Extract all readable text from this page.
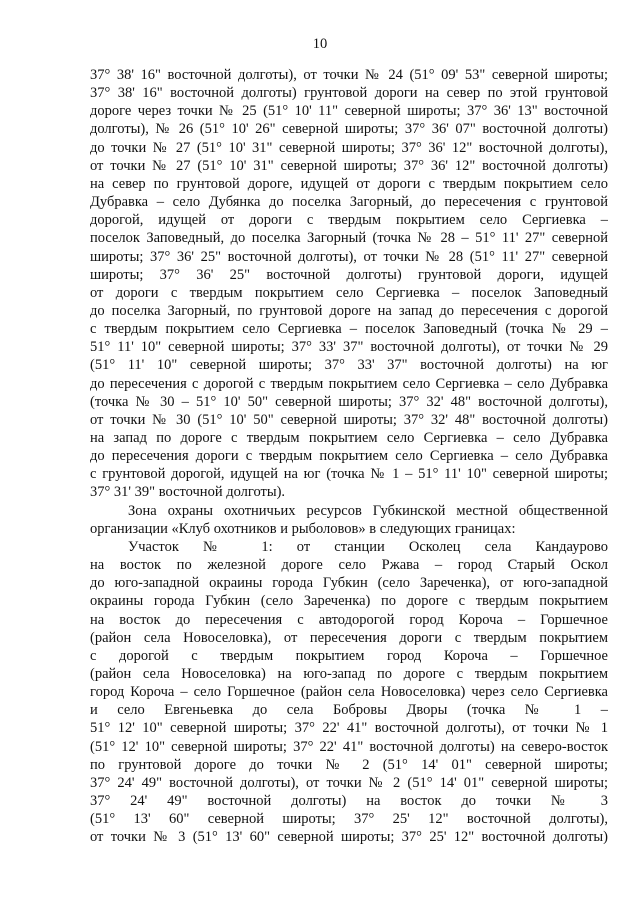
10
37° 38' 16" восточной долготы), от точки № 24 (51° 09' 53" северной широты;
37° 38' 16" восточной долготы) грунтовой дороги на север по этой грунтовой
дороге через точки № 25 (51° 10' 11" северной широты; 37° 36' 13" восточной
долготы), № 26 (51° 10' 26" северной широты; 37° 36' 07" восточной долготы)
до точки № 27 (51° 10' 31" северной широты; 37° 36' 12" восточной долготы),
от точки № 27 (51° 10' 31" северной широты; 37° 36' 12" восточной долготы)
на север по грунтовой дороге, идущей от дороги с твердым покрытием село
Дубравка – село Дубянка до поселка Загорный, до пересечения с грунтовой
дорогой, идущей от дороги с твердым покрытием село Сергиевка –
поселок Заповедный, до поселка Загорный (точка № 28 – 51° 11' 27" северной
широты; 37° 36' 25" восточной долготы), от точки № 28 (51° 11' 27" северной
широты; 37° 36' 25" восточной долготы) грунтовой дороги, идущей
от дороги с твердым покрытием село Сергиевка – поселок Заповедный
до поселка Загорный, по грунтовой дороге на запад до пересечения с дорогой
с твердым покрытием село Сергиевка – поселок Заповедный (точка № 29 –
51° 11' 10" северной широты; 37° 33' 37" восточной долготы), от точки № 29
(51° 11' 10" северной широты; 37° 33' 37" восточной долготы) на юг
до пересечения с дорогой с твердым покрытием село Сергиевка – село Дубравка
(точка № 30 – 51° 10' 50" северной широты; 37° 32' 48" восточной долготы),
от точки № 30 (51° 10' 50" северной широты; 37° 32' 48" восточной долготы)
на запад по дороге с твердым покрытием село Сергиевка – село Дубравка
до пересечения дороги с твердым покрытием село Сергиевка – село Дубравка
с грунтовой дорогой, идущей на юг (точка № 1 – 51° 11' 10" северной широты;
37° 31' 39" восточной долготы).
Зона охраны охотничьих ресурсов Губкинской местной общественной
организации «Клуб охотников и рыболовов» в следующих границах:
Участок № 1: от станции Осколец села Кандаурово
на восток по железной дороге село Ржава – город Старый Оскол
до юго-западной окраины города Губкин (село Зареченка), от юго-западной
окраины города Губкин (село Зареченка) по дороге с твердым покрытием
на восток до пересечения с автодорогой город Короча – Горшечное
(район села Новоселовка), от пересечения дороги с твердым покрытием
с дорогой с твердым покрытием город Короча – Горшечное
(район села Новоселовка) на юго-запад по дороге с твердым покрытием
город Короча – село Горшечное (район села Новоселовка) через село Сергиевка
и село Евгеньевка до села Бобровы Дворы (точка № 1 –
51° 12' 10" северной широты; 37° 22' 41" восточной долготы), от точки № 1
(51° 12' 10" северной широты; 37° 22' 41" восточной долготы) на северо-восток
по грунтовой дороге до точки № 2 (51° 14' 01" северной широты;
37° 24' 49" восточной долготы), от точки № 2 (51° 14' 01" северной широты;
37° 24' 49" восточной долготы) на восток до точки № 3
(51° 13' 60" северной широты; 37° 25' 12" восточной долготы),
от точки № 3 (51° 13' 60" северной широты; 37° 25' 12" восточной долготы)
